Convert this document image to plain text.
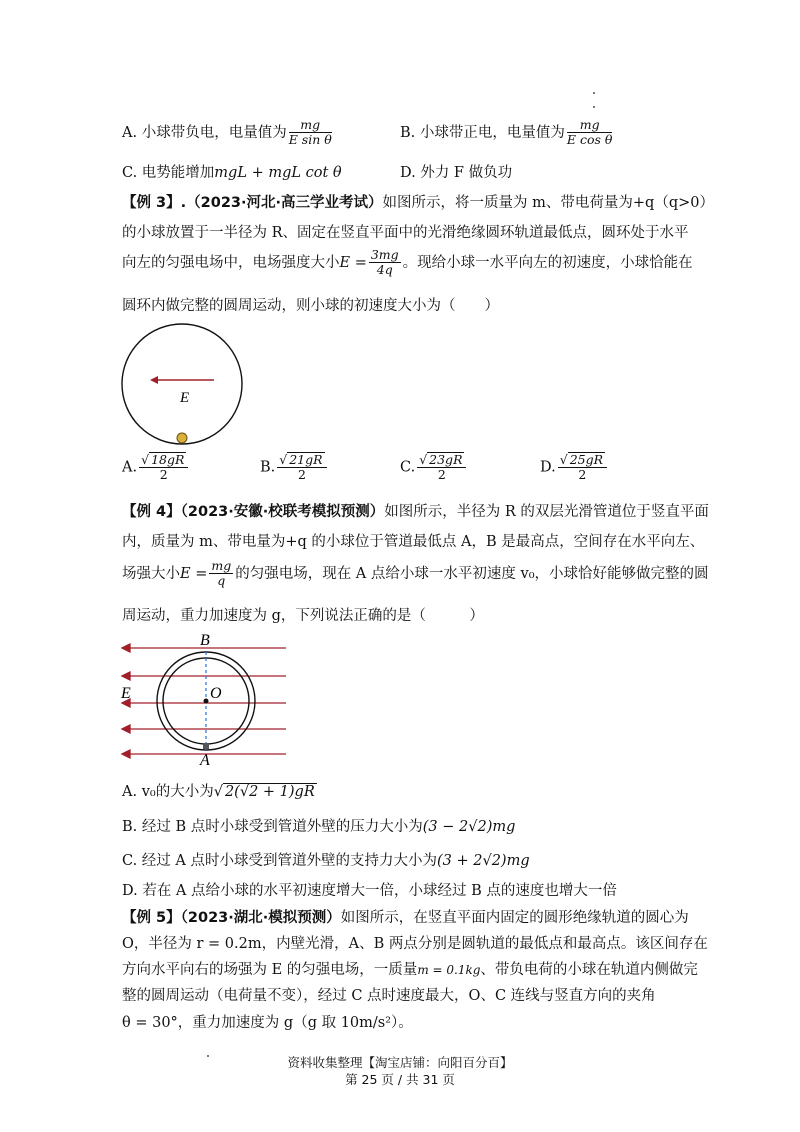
A. 小球带负电，电量值为 $\frac{mg}{\text{E sin θ}}$	B. 小球带正电，电量值为 $\frac{mg}{\text{E cos θ}}$
C. 电势能增加mgL + mgL cot θ	D. 外力 F 做负功
【例 3】.（2023·河北·高三学业考试）如图所示，将一质量为 m、带电荷量为+q（q>0）
的小球放置于一半径为 R、固定在竖直平面中的光滑绝缘圆环轨道最低点，圆环处于水平
向左的匀强电场中，电场强度大小$E = \frac{3mg}{4q}$ 。现给小球一水平向左的初速度，小球恰能在
圆环内做完整的圆周运动，则小球的初速度大小为（　　）
E
A. $\frac{√ 18gR}{2}$	B. $\frac{√ 21gR}{2}$	C. $\frac{√ 23gR}{2}$	D. $\frac{√ 25gR}{2}$
【例 4】（2023·安徽·校联考模拟预测）如图所示，半径为 R 的双层光滑管道位于竖直平面
内，质量为 m、带电量为+q 的小球位于管道最低点 A，B 是最高点，空间存在水平向左、
场强大小$E = \frac{mg}{q}$ 的匀强电场，现在 A 点给小球一水平初速度 v₀，小球恰好能够做完整的圆
周运动，重力加速度为 g，下列说法正确的是（　　　）
B
O
E
A
A. v₀的大小为√ 2(√2 + 1)gR
B. 经过 B 点时小球受到管道外壁的压力大小为(3 − 2√2)mg
C. 经过 A 点时小球受到管道外壁的支持力大小为(3 + 2√2)mg
D. 若在 A 点给小球的水平初速度增大一倍，小球经过 B 点的速度也增大一倍
【例 5】（2023·湖北·模拟预测）如图所示，在竖直平面内固定的圆形绝缘轨道的圆心为
O，半径为 r = 0.2m，内壁光滑，A、B 两点分别是圆轨道的最低点和最高点。该区间存在
方向水平向右的场强为 E 的匀强电场，一质量m = 0.1kg、带负电荷的小球在轨道内侧做完
整的圆周运动（电荷量不变），经过 C 点时速度最大，O、C 连线与竖直方向的夹角
θ = 30°，重力加速度为 g（g 取 10m/s²）。
资料收集整理【淘宝店铺：向阳百分百】
第 25 页 / 共 31 页
